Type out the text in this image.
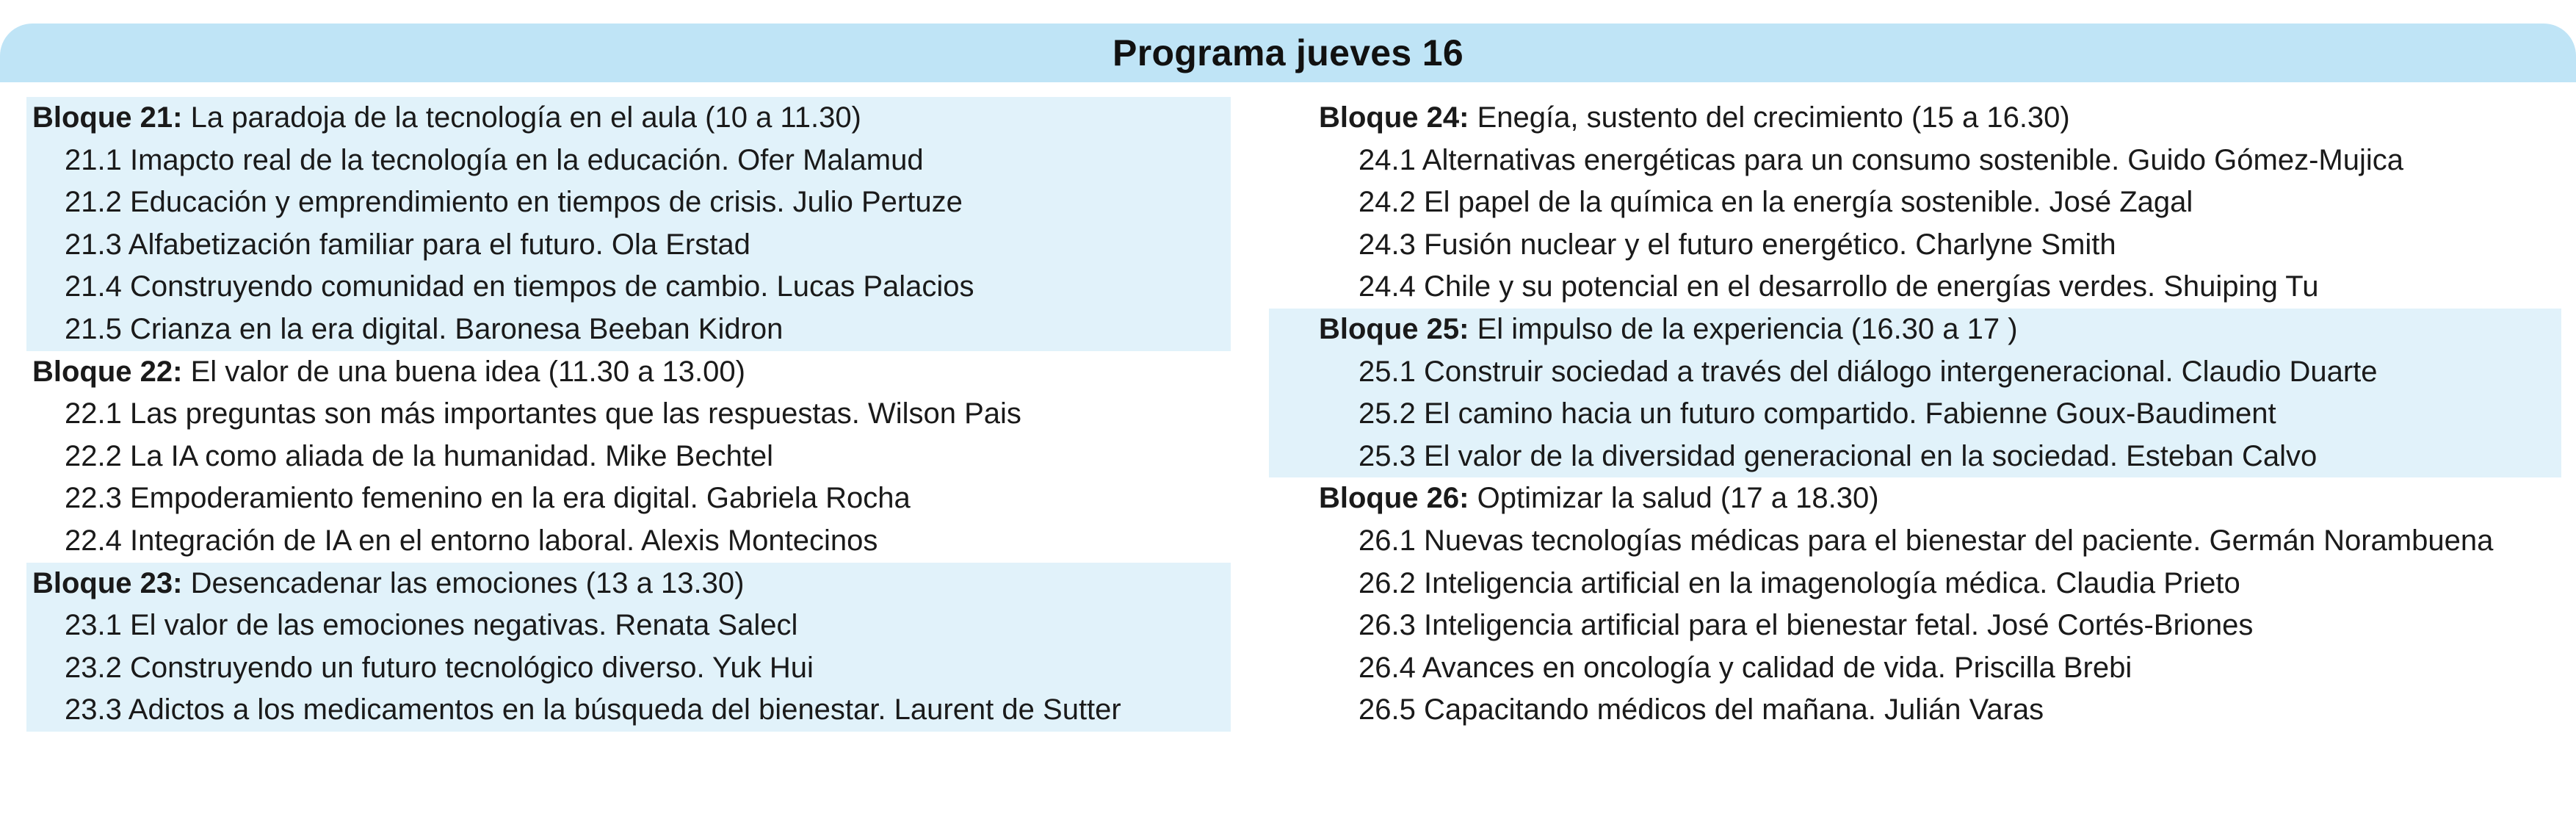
Programa jueves 16
Bloque 21: La paradoja de la tecnología en el aula (10 a 11.30)
21.1 Imapcto real de la tecnología en la educación. Ofer Malamud
21.2 Educación y emprendimiento en tiempos de crisis. Julio Pertuze
21.3 Alfabetización familiar para el futuro. Ola Erstad
21.4 Construyendo comunidad en tiempos de cambio. Lucas Palacios
21.5 Crianza en la era digital. Baronesa Beeban Kidron
Bloque 22: El valor de una buena idea (11.30 a 13.00)
22.1 Las preguntas son más importantes que las respuestas. Wilson Pais
22.2 La IA como aliada de la humanidad. Mike Bechtel
22.3 Empoderamiento femenino en la era digital. Gabriela Rocha
22.4 Integración de IA en el entorno laboral. Alexis Montecinos
Bloque 23: Desencadenar las emociones (13 a 13.30)
23.1 El valor de las emociones negativas. Renata Salecl
23.2 Construyendo un futuro tecnológico diverso. Yuk Hui
23.3 Adictos a los medicamentos en la búsqueda del bienestar. Laurent de Sutter
Bloque 24: Enegía, sustento del crecimiento (15 a 16.30)
24.1 Alternativas energéticas para un consumo sostenible. Guido Gómez-Mujica
24.2 El papel de la química en la energía sostenible. José Zagal
24.3 Fusión nuclear y el futuro energético. Charlyne Smith
24.4 Chile y su potencial en el desarrollo de energías verdes. Shuiping Tu
Bloque 25: El impulso de la experiencia (16.30 a 17 )
25.1 Construir sociedad a través del diálogo intergeneracional. Claudio Duarte
25.2 El camino hacia un futuro compartido. Fabienne Goux-Baudiment
25.3 El valor de la diversidad generacional en la sociedad. Esteban Calvo
Bloque 26: Optimizar la salud (17 a 18.30)
26.1 Nuevas tecnologías médicas para el bienestar del paciente. Germán Norambuena
26.2 Inteligencia artificial en la imagenología médica. Claudia Prieto
26.3 Inteligencia artificial para el bienestar fetal. José Cortés-Briones
26.4 Avances en oncología y calidad de vida. Priscilla Brebi
26.5 Capacitando médicos del mañana. Julián Varas
